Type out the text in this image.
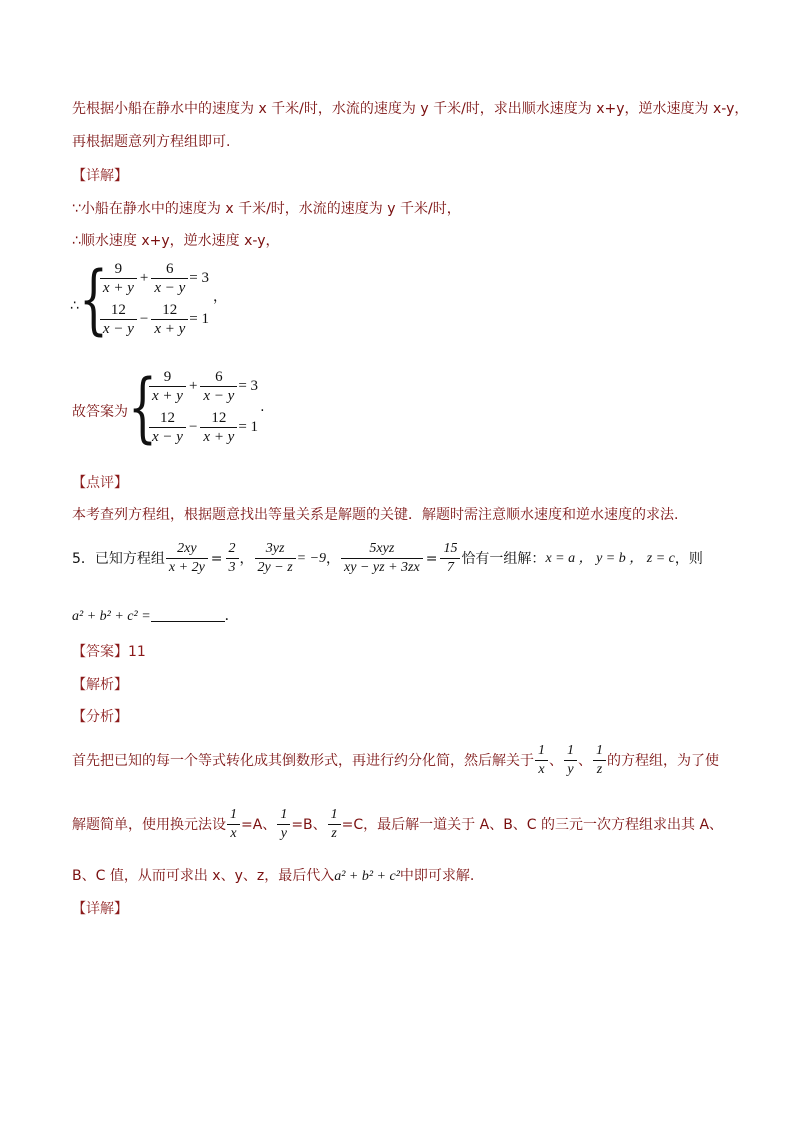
先根据小船在静水中的速度为 x 千米/时，水流的速度为 y 千米/时，求出顺水速度为 x+y，逆水速度为 x-y，
再根据题意列方程组即可.
【详解】
∵小船在静水中的速度为 x 千米/时，水流的速度为 y 千米/时，
∴顺水速度 x+y，逆水速度 x-y，
∴ {
$\frac{9}{x + y} + \frac{6}{x - y} = 3$
$\frac{12}{x - y} - \frac{12}{x + y} = 1$
，
故答案为 {
$\frac{9}{x + y} + \frac{6}{x - y} = 3$
$\frac{12}{x - y} - \frac{12}{x + y} = 1$
.
【点评】
本考查列方程组，根据题意找出等量关系是解题的关键．解题时需注意顺水速度和逆水速度的求法.
5．已知方程组 $\frac{2xy}{x + 2y} = \frac{2}{3}$ ， $\frac{3yz}{2y - z} = -9$ ， $\frac{\text{5xyz}}{xy - yz + 3zx} = \frac{15}{7}$ 恰有一组解： x = a ， y = b ， z = c ，则
a² + b² + c² =	．
【答案】11
【解析】
【分析】
首先把已知的每一个等式转化成其倒数形式，再进行约分化简，然后解关于 $\frac{1}{x}$ 、 $\frac{1}{y}$ 、 $\frac{1}{z}$ 的方程组，为了使
解题简单，使用换元法设 $\frac{1}{x} =A$、 $\frac{1}{y} =B$、 $\frac{1}{z} =C$，最后解一道关于 A、B、C 的三元一次方程组求出其 A、
B、C 值，从而可求出 x、y、z，最后代入a² + b² + c²中即可求解.
【详解】
